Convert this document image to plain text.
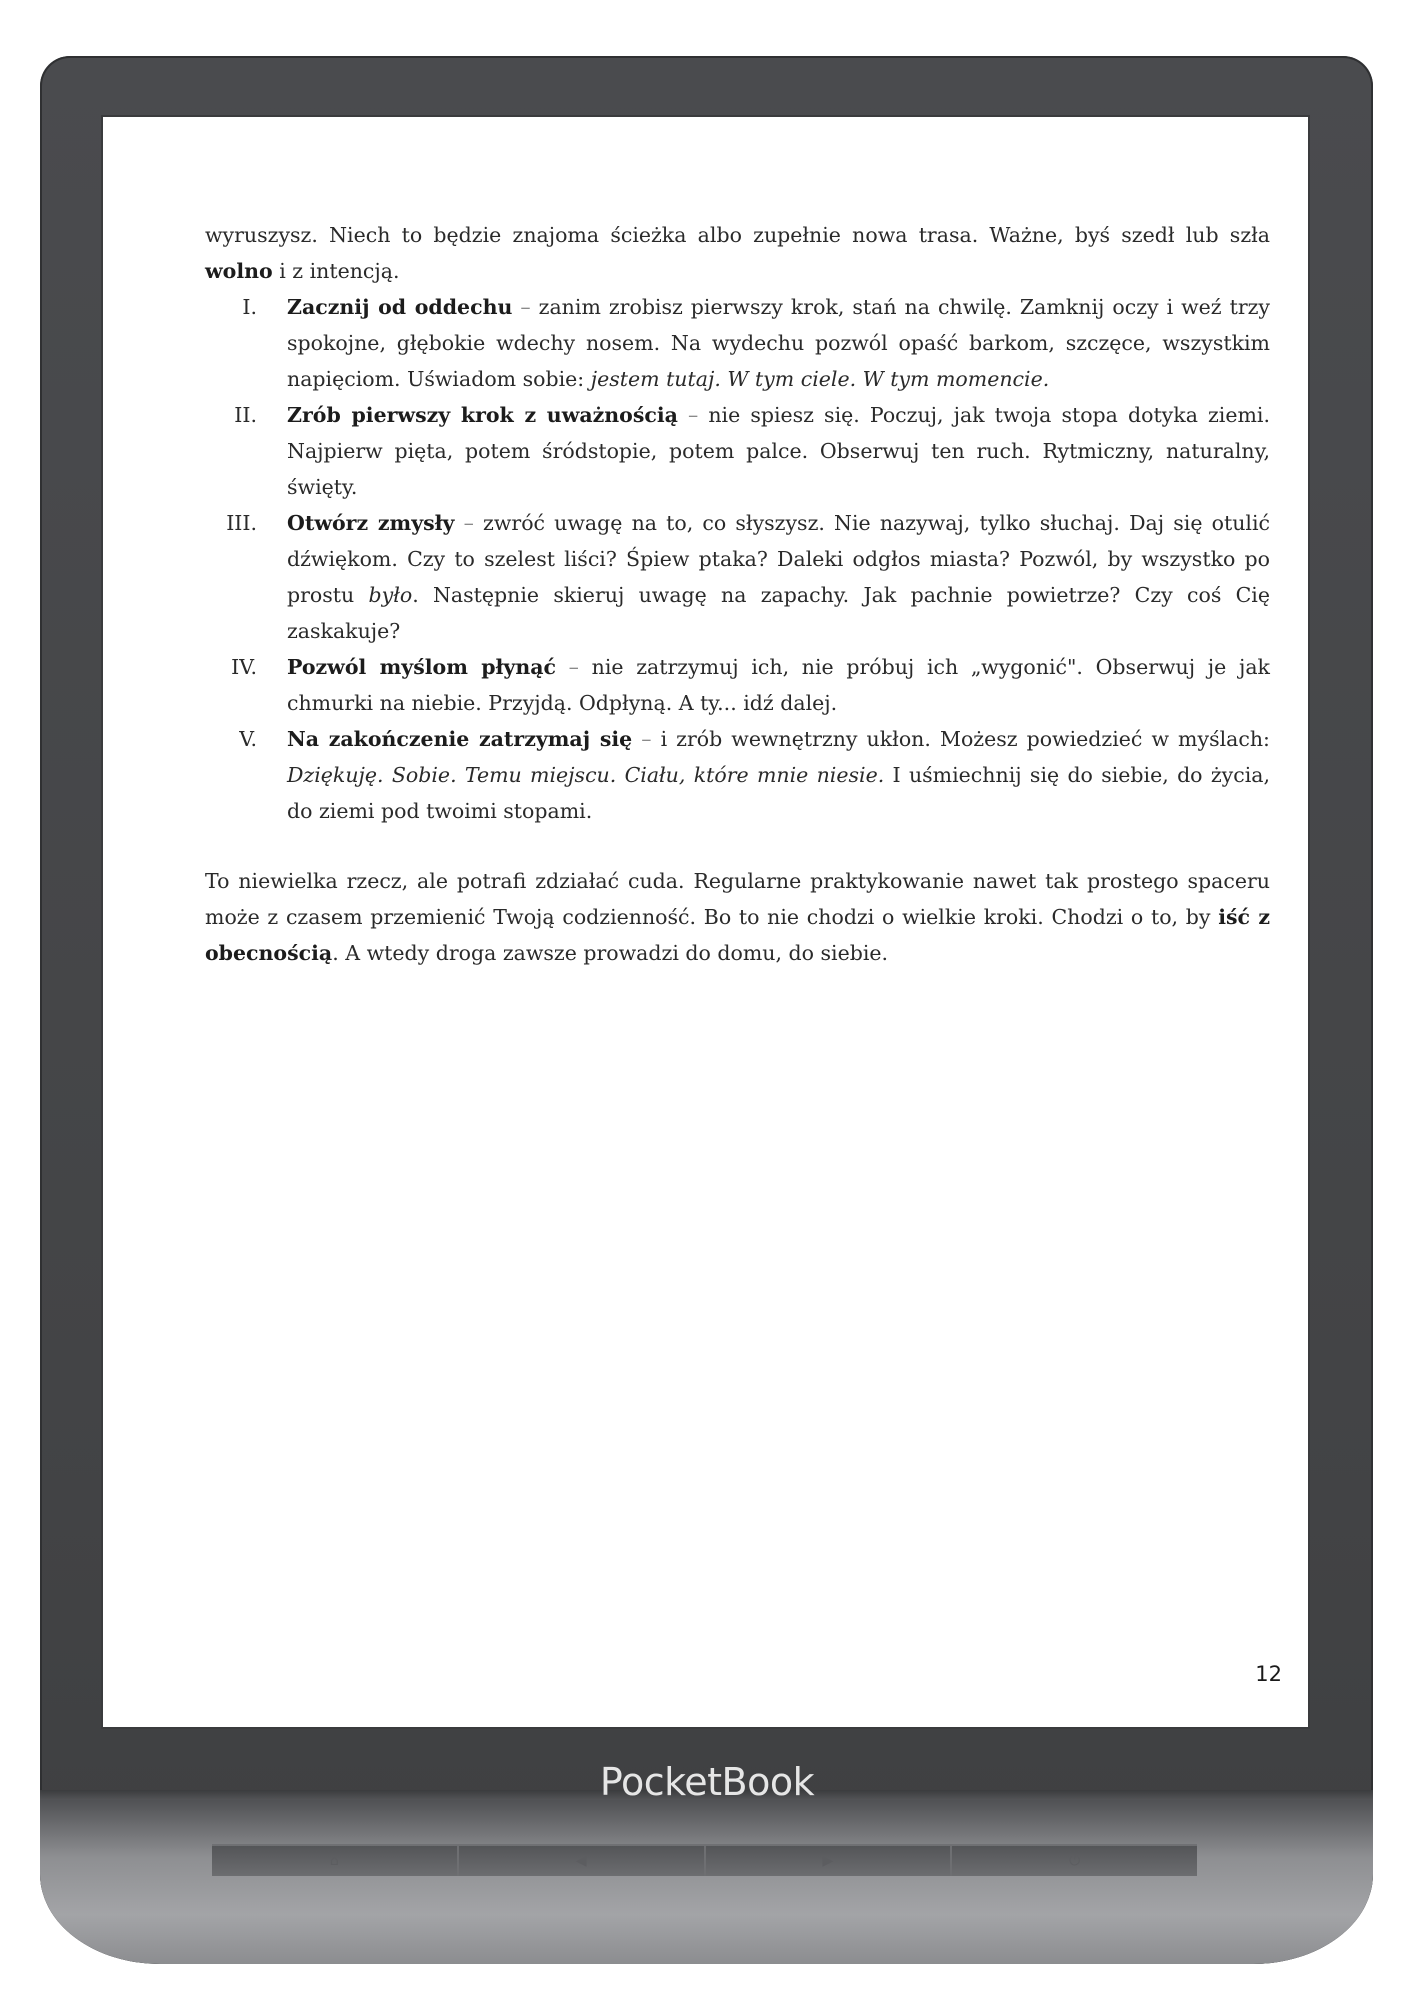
wyruszysz. Niech to będzie znajoma ścieżka albo zupełnie nowa trasa. Ważne, byś szedł lub szła wolno i z intencją.

I. Zacznij od oddechu – zanim zrobisz pierwszy krok, stań na chwilę. Zamknij oczy i weź trzy spokojne, głębokie wdechy nosem. Na wydechu pozwól opaść barkom, szczęce, wszystkim napięciom. Uświadom sobie: jestem tutaj. W tym ciele. W tym momencie.
II. Zrób pierwszy krok z uważnością – nie spiesz się. Poczuj, jak twoja stopa dotyka ziemi. Najpierw pięta, potem śródstopie, potem palce. Obserwuj ten ruch. Rytmiczny, naturalny, święty.
III. Otwórz zmysły – zwróć uwagę na to, co słyszysz. Nie nazywaj, tylko słuchaj. Daj się otulić dźwiękom. Czy to szelest liści? Śpiew ptaka? Daleki odgłos miasta? Pozwól, by wszystko po prostu było. Następnie skieruj uwagę na zapachy. Jak pachnie powietrze? Czy coś Cię zaskakuje?
IV. Pozwól myślom płynąć – nie zatrzymuj ich, nie próbuj ich „wygonić". Obserwuj je jak chmurki na niebie. Przyjdą. Odpłyną. A ty... idź dalej.
V. Na zakończenie zatrzymaj się – i zrób wewnętrzny ukłon. Możesz powiedzieć w myślach: Dziękuję. Sobie. Temu miejscu. Ciału, które mnie niesie. I uśmiechnij się do siebie, do życia, do ziemi pod twoimi stopami.

To niewielka rzecz, ale potrafi zdziałać cuda. Regularne praktykowanie nawet tak prostego spaceru może z czasem przemienić Twoją codzienność. Bo to nie chodzi o wielkie kroki. Chodzi o to, by iść z obecnością. A wtedy droga zawsze prowadzi do domu, do siebie.

12
PocketBook
⌂	◀	▶	⏻
